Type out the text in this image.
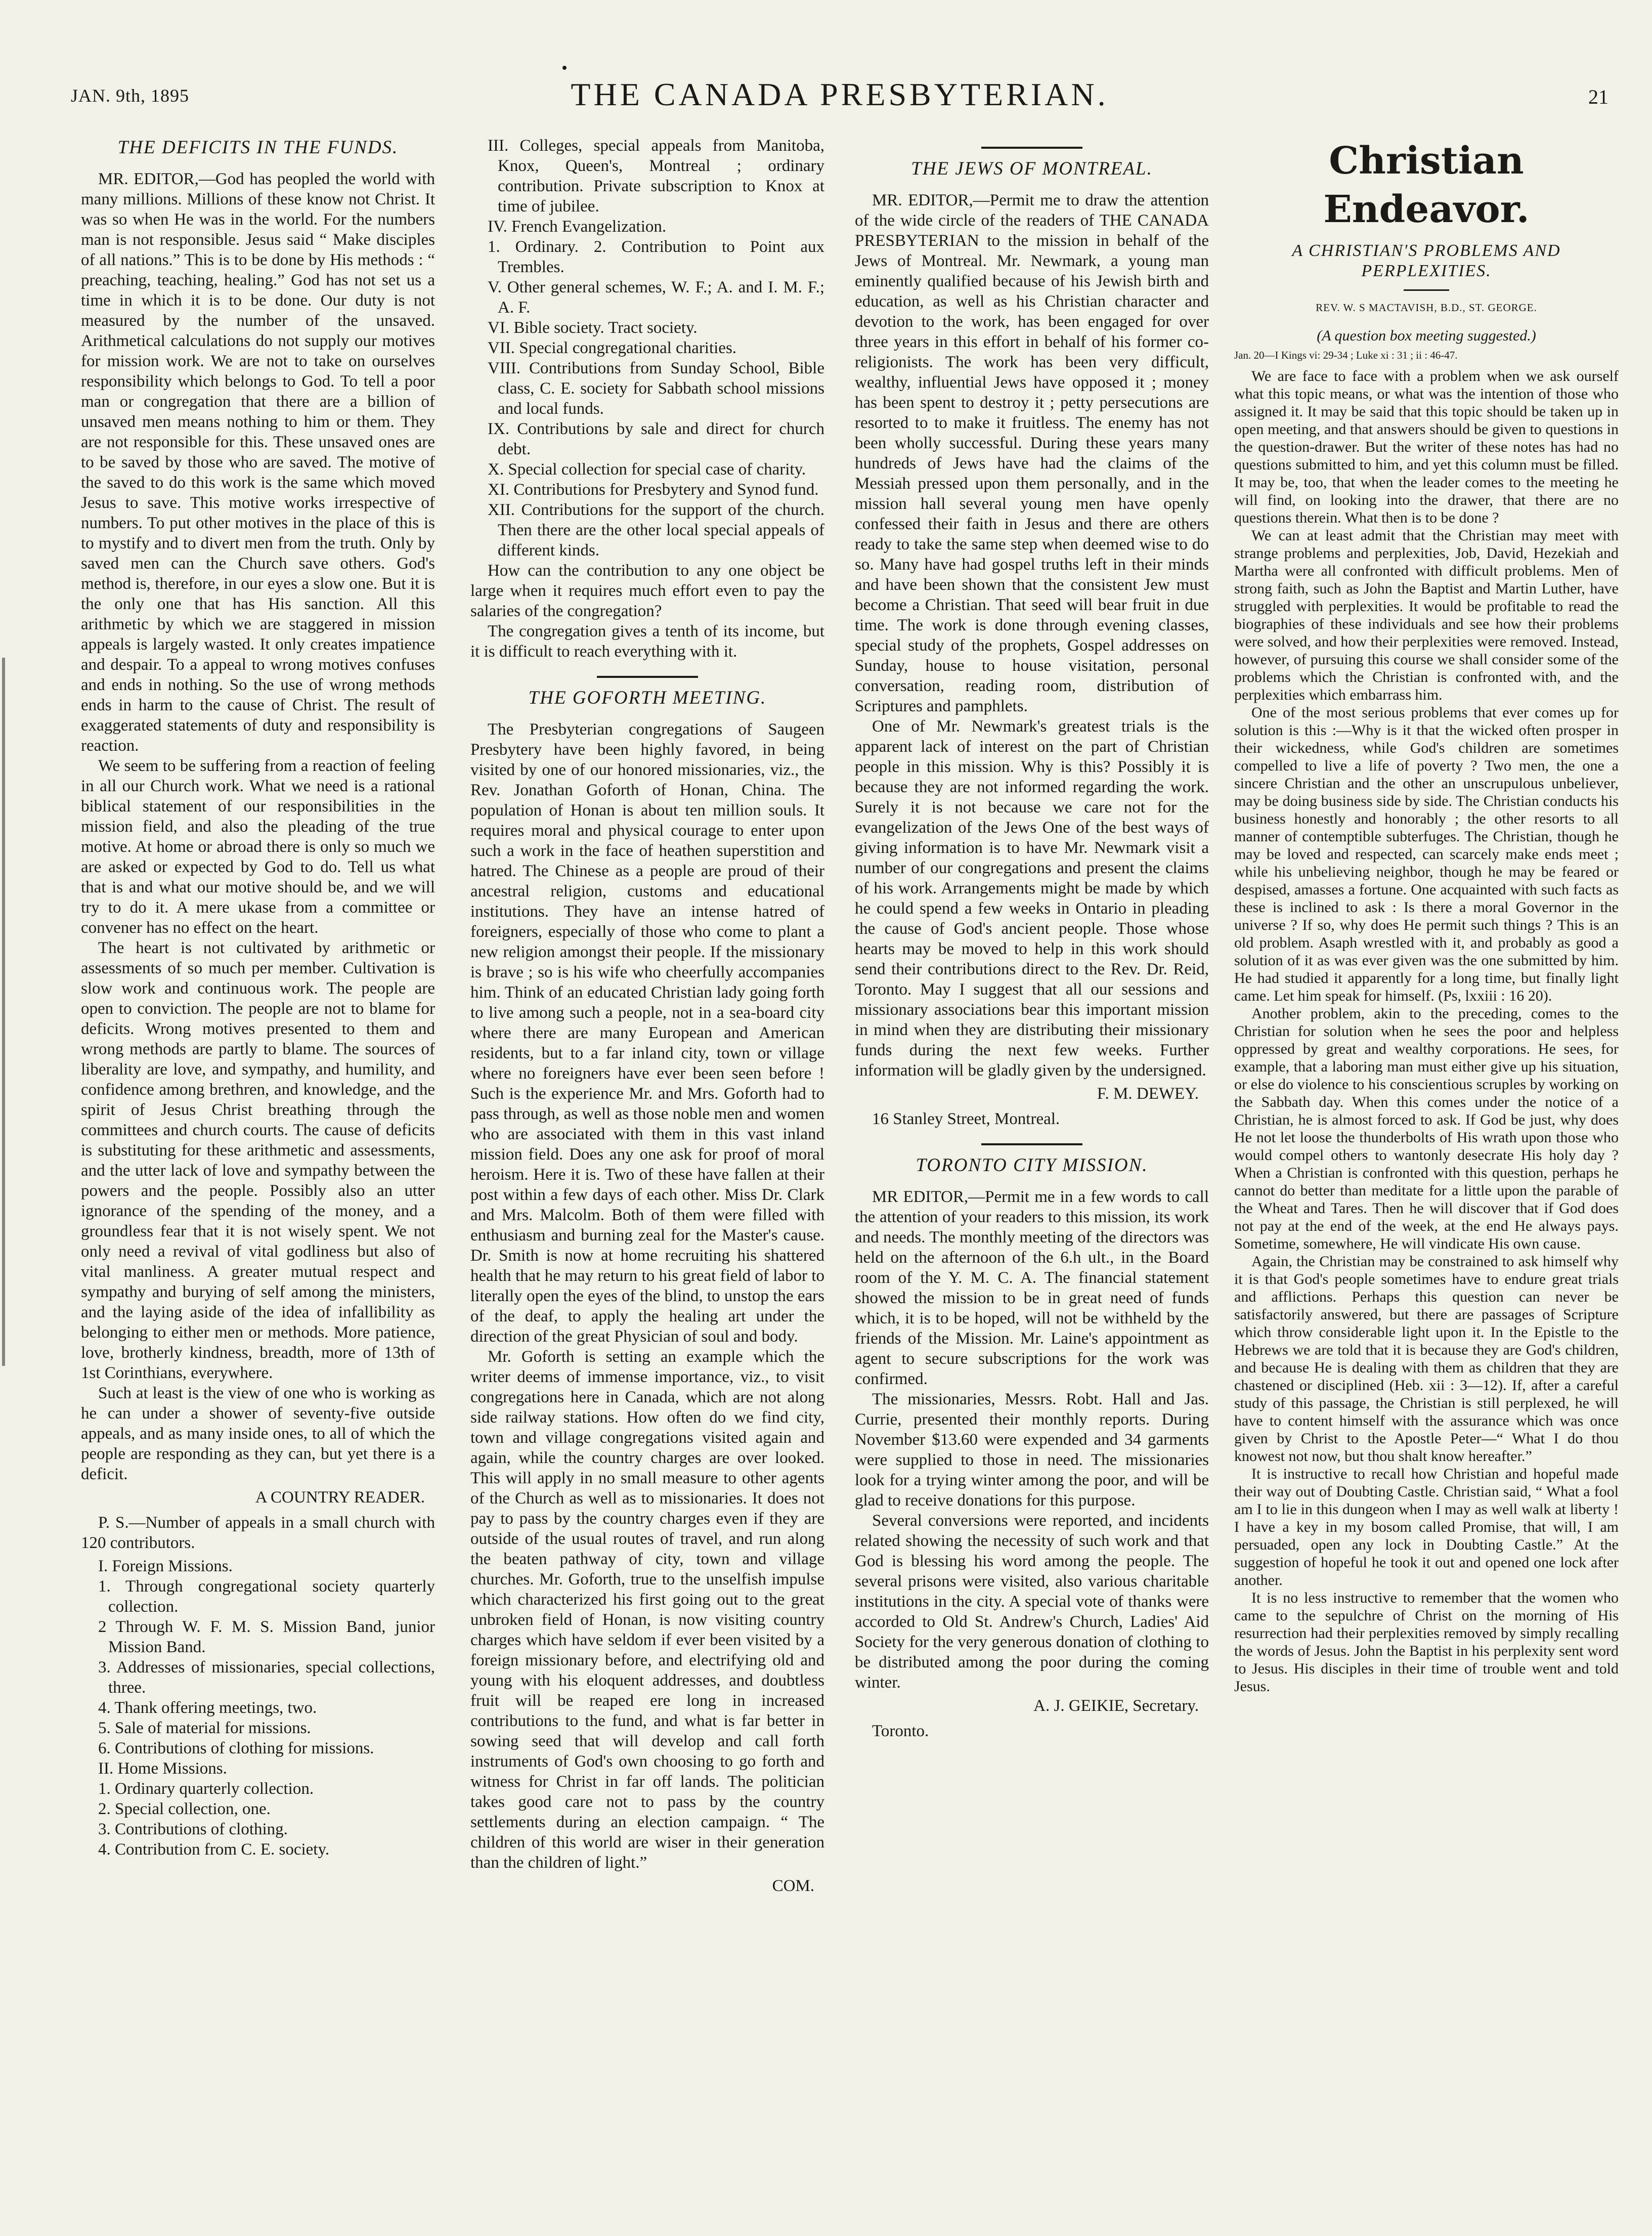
JAN. 9th, 1895	THE CANADA PRESBYTERIAN.	21
THE DEFICITS IN THE FUNDS.

MR. EDITOR,—God has peopled the world with many millions. Millions of these know not Christ. It was so when He was in the world. For the numbers man is not responsible. Jesus said “ Make disciples of all nations.” This is to be done by His methods : “ preaching, teaching, healing.” God has not set us a time in which it is to be done. Our duty is not measured by the number of the unsaved. Arithmetical calculations do not supply our motives for mission work. We are not to take on ourselves responsibility which belongs to God. To tell a poor man or congregation that there are a billion of unsaved men means nothing to him or them. They are not responsible for this. These unsaved ones are to be saved by those who are saved. The motive of the saved to do this work is the same which moved Jesus to save. This motive works irrespective of numbers. To put other motives in the place of this is to mystify and to divert men from the truth. Only by saved men can the Church save others. God's method is, therefore, in our eyes a slow one. But it is the only one that has His sanction. All this arithmetic by which we are staggered in mission appeals is largely wasted. It only creates impatience and despair. To a appeal to wrong motives confuses and ends in nothing. So the use of wrong methods ends in harm to the cause of Christ. The result of exaggerated statements of duty and responsibility is reaction.

We seem to be suffering from a reaction of feeling in all our Church work. What we need is a rational biblical statement of our responsibilities in the mission field, and also the pleading of the true motive. At home or abroad there is only so much we are asked or expected by God to do. Tell us what that is and what our motive should be, and we will try to do it. A mere ukase from a committee or convener has no effect on the heart.

The heart is not cultivated by arithmetic or assessments of so much per member. Cultivation is slow work and continuous work. The people are open to conviction. The people are not to blame for deficits. Wrong motives presented to them and wrong methods are partly to blame. The sources of liberality are love, and sympathy, and humility, and confidence among brethren, and knowledge, and the spirit of Jesus Christ breathing through the committees and church courts. The cause of deficits is substituting for these arithmetic and assessments, and the utter lack of love and sympathy between the powers and the people. Possibly also an utter ignorance of the spending of the money, and a groundless fear that it is not wisely spent. We not only need a revival of vital godliness but also of vital manliness. A greater mutual respect and sympathy and burying of self among the ministers, and the laying aside of the idea of infallibility as belonging to either men or methods. More patience, love, brotherly kindness, breadth, more of 13th of 1st Corinthians, everywhere.

Such at least is the view of one who is working as he can under a shower of seventy-five outside appeals, and as many inside ones, to all of which the people are responding as they can, but yet there is a deficit.

A COUNTRY READER.

P. S.—Number of appeals in a small church with 120 contributors.

I. Foreign Missions.
1. Through congregational society quarterly collection.
2 Through W. F. M. S. Mission Band, junior Mission Band.
3. Addresses of missionaries, special collections, three.
4. Thank offering meetings, two.
5. Sale of material for missions.
6. Contributions of clothing for missions.
II. Home Missions.
1. Ordinary quarterly collection.
2. Special collection, one.
3. Contributions of clothing.
4. Contribution from C. E. society.
III. Colleges, special appeals from Manitoba, Knox, Queen's, Montreal ; ordinary contribution. Private subscription to Knox at time of jubilee.
IV. French Evangelization.
1. Ordinary. 2. Contribution to Point aux Trembles.
V. Other general schemes, W. F.; A. and I. M. F.; A. F.
VI. Bible society. Tract society.
VII. Special congregational charities.
VIII. Contributions from Sunday School, Bible class, C. E. society for Sabbath school missions and local funds.
IX. Contributions by sale and direct for church debt.
X. Special collection for special case of charity.
XI. Contributions for Presbytery and Synod fund.
XII. Contributions for the support of the church. Then there are the other local special appeals of different kinds.

How can the contribution to any one object be large when it requires much effort even to pay the salaries of the congregation?

The congregation gives a tenth of its income, but it is difficult to reach everything with it.

THE GOFORTH MEETING.

The Presbyterian congregations of Saugeen Presbytery have been highly favored, in being visited by one of our honored missionaries, viz., the Rev. Jonathan Goforth of Honan, China. The population of Honan is about ten million souls. It requires moral and physical courage to enter upon such a work in the face of heathen superstition and hatred. The Chinese as a people are proud of their ancestral religion, customs and educational institutions. They have an intense hatred of foreigners, especially of those who come to plant a new religion amongst their people. If the missionary is brave ; so is his wife who cheerfully accompanies him. Think of an educated Christian lady going forth to live among such a people, not in a sea-board city where there are many European and American residents, but to a far inland city, town or village where no foreigners have ever been seen before ! Such is the experience Mr. and Mrs. Goforth had to pass through, as well as those noble men and women who are associated with them in this vast inland mission field. Does any one ask for proof of moral heroism. Here it is. Two of these have fallen at their post within a few days of each other. Miss Dr. Clark and Mrs. Malcolm. Both of them were filled with enthusiasm and burning zeal for the Master's cause. Dr. Smith is now at home recruiting his shattered health that he may return to his great field of labor to literally open the eyes of the blind, to unstop the ears of the deaf, to apply the healing art under the direction of the great Physician of soul and body.

Mr. Goforth is setting an example which the writer deems of immense importance, viz., to visit congregations here in Canada, which are not along side railway stations. How often do we find city, town and village congregations visited again and again, while the country charges are over looked. This will apply in no small measure to other agents of the Church as well as to missionaries. It does not pay to pass by the country charges even if they are outside of the usual routes of travel, and run along the beaten pathway of city, town and village churches. Mr. Goforth, true to the unselfish impulse which characterized his first going out to the great unbroken field of Honan, is now visiting country charges which have seldom if ever been visited by a foreign missionary before, and electrifying old and young with his eloquent addresses, and doubtless fruit will be reaped ere long in increased contributions to the fund, and what is far better in sowing seed that will develop and call forth instruments of God's own choosing to go forth and witness for Christ in far off lands. The politician takes good care not to pass by the country settlements during an election campaign. “ The children of this world are wiser in their generation than the children of light.”

COM.
THE JEWS OF MONTREAL.

MR. EDITOR,—Permit me to draw the attention of the wide circle of the readers of THE CANADA PRESBYTERIAN to the mission in behalf of the Jews of Montreal. Mr. Newmark, a young man eminently qualified because of his Jewish birth and education, as well as his Christian character and devotion to the work, has been engaged for over three years in this effort in behalf of his former co-religionists. The work has been very difficult, wealthy, influential Jews have opposed it ; money has been spent to destroy it ; petty persecutions are resorted to to make it fruitless. The enemy has not been wholly successful. During these years many hundreds of Jews have had the claims of the Messiah pressed upon them personally, and in the mission hall several young men have openly confessed their faith in Jesus and there are others ready to take the same step when deemed wise to do so. Many have had gospel truths left in their minds and have been shown that the consistent Jew must become a Christian. That seed will bear fruit in due time. The work is done through evening classes, special study of the prophets, Gospel addresses on Sunday, house to house visitation, personal conversation, reading room, distribution of Scriptures and pamphlets.

One of Mr. Newmark's greatest trials is the apparent lack of interest on the part of Christian people in this mission. Why is this? Possibly it is because they are not informed regarding the work. Surely it is not because we care not for the evangelization of the Jews One of the best ways of giving information is to have Mr. Newmark visit a number of our congregations and present the claims of his work. Arrangements might be made by which he could spend a few weeks in Ontario in pleading the cause of God's ancient people. Those whose hearts may be moved to help in this work should send their contributions direct to the Rev. Dr. Reid, Toronto. May I suggest that all our sessions and missionary associations bear this important mission in mind when they are distributing their missionary funds during the next few weeks. Further information will be gladly given by the undersigned.

F. M. DEWEY.
16 Stanley Street, Montreal.
TORONTO CITY MISSION.

MR EDITOR,—Permit me in a few words to call the attention of your readers to this mission, its work and needs. The monthly meeting of the directors was held on the afternoon of the 6.h ult., in the Board room of the Y. M. C. A. The financial statement showed the mission to be in great need of funds which, it is to be hoped, will not be withheld by the friends of the Mission. Mr. Laine's appointment as agent to secure subscriptions for the work was confirmed.

The missionaries, Messrs. Robt. Hall and Jas. Currie, presented their monthly reports. During November $13.60 were expended and 34 garments were supplied to those in need. The missionaries look for a trying winter among the poor, and will be glad to receive donations for this purpose.

Several conversions were reported, and incidents related showing the necessity of such work and that God is blessing his word among the people. The several prisons were visited, also various charitable institutions in the city. A special vote of thanks were accorded to Old St. Andrew's Church, Ladies' Aid Society for the very generous donation of clothing to be distributed among the poor during the coming winter.

A. J. GEIKIE, Secretary.
Toronto.
Christian Endeavor.
A CHRISTIAN'S PROBLEMS AND PERPLEXITIES.
REV. W. S MACTAVISH, B.D., ST. GEORGE.
(A question box meeting suggested.)
Jan. 20—I Kings vi: 29-34 ; Luke xi : 31 ; ii : 46-47.

We are face to face with a problem when we ask ourself what this topic means, or what was the intention of those who assigned it. It may be said that this topic should be taken up in open meeting, and that answers should be given to questions in the question-drawer. But the writer of these notes has had no questions submitted to him, and yet this column must be filled. It may be, too, that when the leader comes to the meeting he will find, on looking into the drawer, that there are no questions therein. What then is to be done ?

We can at least admit that the Christian may meet with strange problems and perplexities, Job, David, Hezekiah and Martha were all confronted with difficult problems. Men of strong faith, such as John the Baptist and Martin Luther, have struggled with perplexities. It would be profitable to read the biographies of these individuals and see how their problems were solved, and how their perplexities were removed. Instead, however, of pursuing this course we shall consider some of the problems which the Christian is confronted with, and the perplexities which embarrass him.

One of the most serious problems that ever comes up for solution is this :—Why is it that the wicked often prosper in their wickedness, while God's children are sometimes compelled to live a life of poverty ? Two men, the one a sincere Christian and the other an unscrupulous unbeliever, may be doing business side by side. The Christian conducts his business honestly and honorably ; the other resorts to all manner of contemptible subterfuges. The Christian, though he may be loved and respected, can scarcely make ends meet ; while his unbelieving neighbor, though he may be feared or despised, amasses a fortune. One acquainted with such facts as these is inclined to ask : Is there a moral Governor in the universe ? If so, why does He permit such things ? This is an old problem. Asaph wrestled with it, and probably as good a solution of it as was ever given was the one submitted by him. He had studied it apparently for a long time, but finally light came. Let him speak for himself. (Ps, lxxiii : 16 20).

Another problem, akin to the preceding, comes to the Christian for solution when he sees the poor and helpless oppressed by great and wealthy corporations. He sees, for example, that a laboring man must either give up his situation, or else do violence to his conscientious scruples by working on the Sabbath day. When this comes under the notice of a Christian, he is almost forced to ask. If God be just, why does He not let loose the thunderbolts of His wrath upon those who would compel others to wantonly desecrate His holy day ? When a Christian is confronted with this question, perhaps he cannot do better than meditate for a little upon the parable of the Wheat and Tares. Then he will discover that if God does not pay at the end of the week, at the end He always pays. Sometime, somewhere, He will vindicate His own cause.

Again, the Christian may be constrained to ask himself why it is that God's people sometimes have to endure great trials and afflictions. Perhaps this question can never be satisfactorily answered, but there are passages of Scripture which throw considerable light upon it. In the Epistle to the Hebrews we are told that it is because they are God's children, and because He is dealing with them as children that they are chastened or disciplined (Heb. xii : 3—12). If, after a careful study of this passage, the Christian is still perplexed, he will have to content himself with the assurance which was once given by Christ to the Apostle Peter—“ What I do thou knowest not now, but thou shalt know hereafter.”

It is instructive to recall how Christian and hopeful made their way out of Doubting Castle. Christian said, “ What a fool am I to lie in this dungeon when I may as well walk at liberty ! I have a key in my bosom called Promise, that will, I am persuaded, open any lock in Doubting Castle.” At the suggestion of hopeful he took it out and opened one lock after another.

It is no less instructive to remember that the women who came to the sepulchre of Christ on the morning of His resurrection had their perplexities removed by simply recalling the words of Jesus. John the Baptist in his perplexity sent word to Jesus. His disciples in their time of trouble went and told Jesus.
